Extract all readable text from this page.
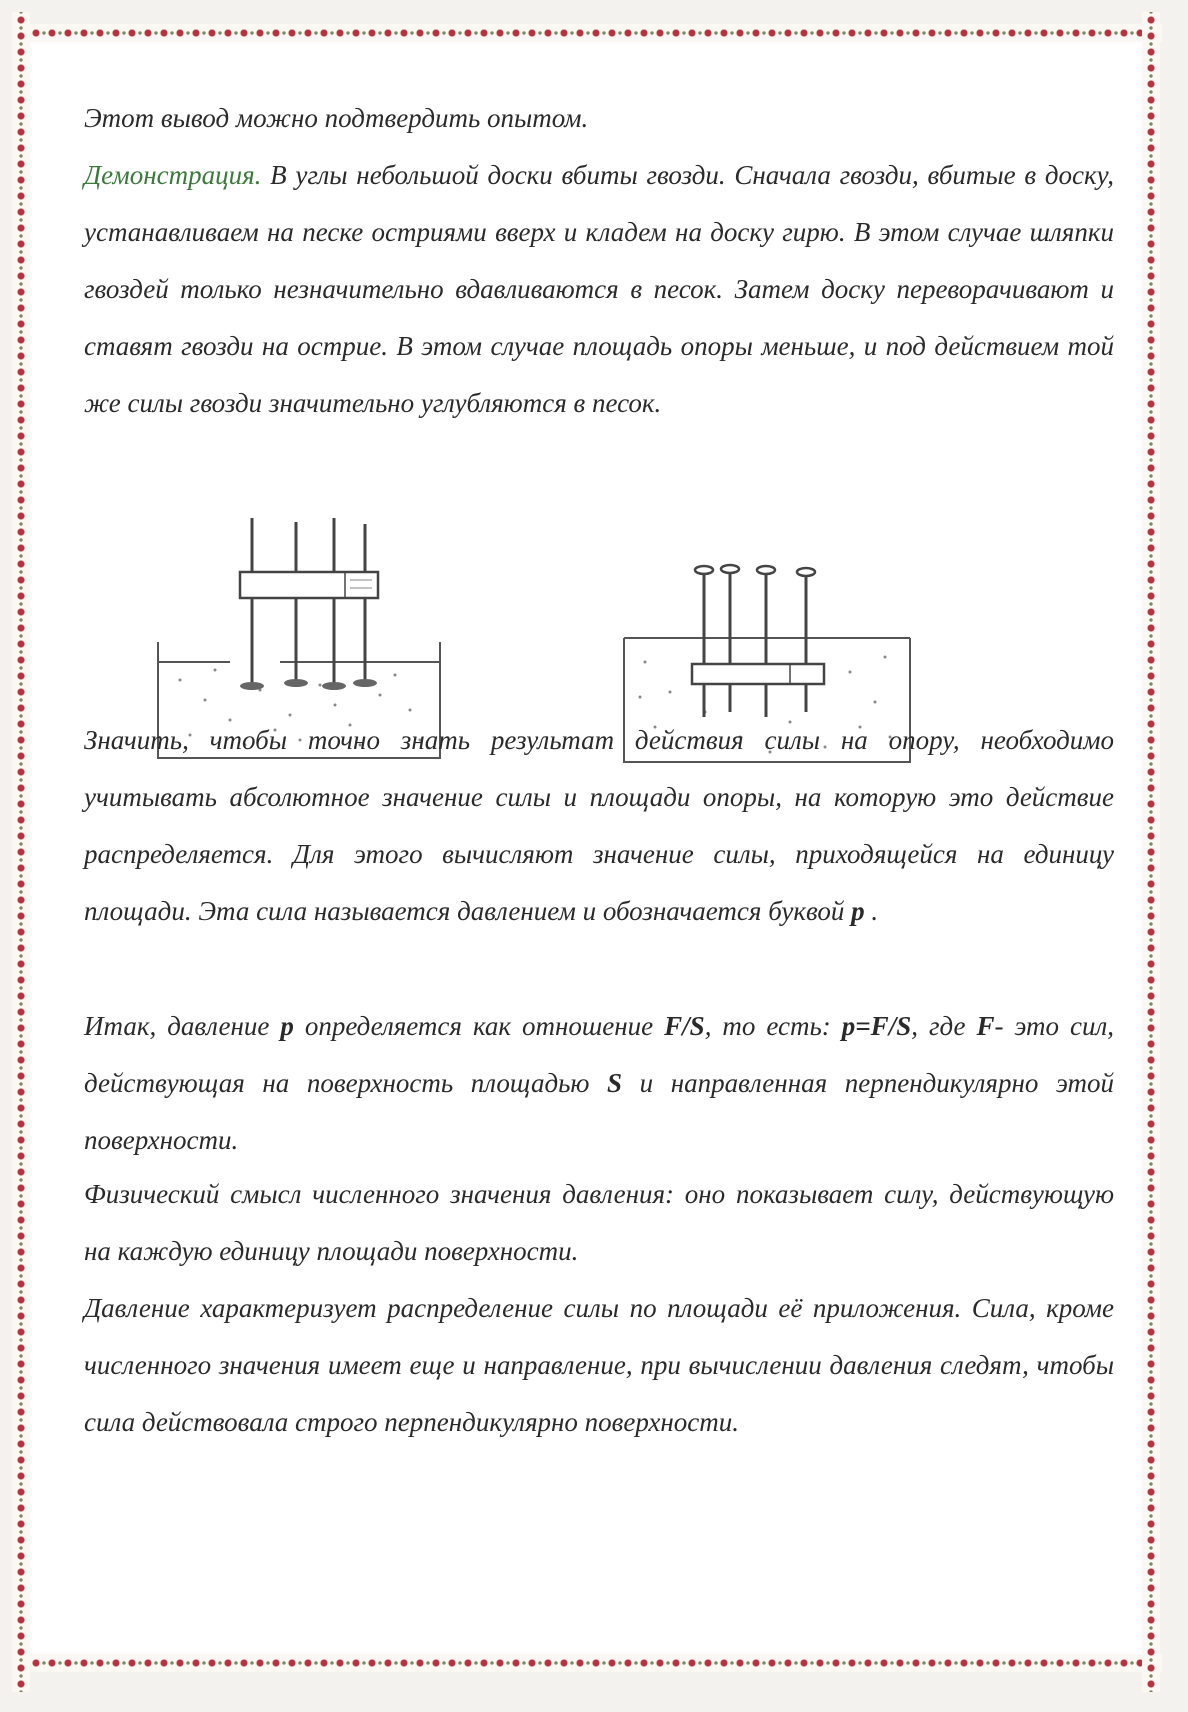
Этот вывод можно подтвердить опытом.

Демонстрация. В углы небольшой доски вбиты гвозди. Сначала гвозди, вбитые в доску, устанавливаем на песке остриями вверх и кладем на доску гирю. В этом случае шляпки гвоздей только незначительно вдавливаются в песок. Затем доску переворачивают и ставят гвозди на острие. В этом случае площадь опоры меньше, и под действием той же силы гвозди значительно углубляются в песок.

Значить, чтобы точно знать результат действия силы на опору, необходимо учитывать абсолютное значение силы и площади опоры, на которую это действие распределяется. Для этого вычисляют значение силы, приходящейся на единицу площади. Эта сила называется давлением и обозначается буквой p .

Итак, давление p определяется как отношение F/S, то есть: p=F/S, где F- это сил, действующая на поверхность площадью S и направленная перпендикулярно этой поверхности.

Физический смысл численного значения давления: оно показывает силу, действующую на каждую единицу площади поверхности.

Давление характеризует распределение силы по площади её приложения. Сила, кроме численного значения имеет еще и направление, при вычислении давления следят, чтобы сила действовала строго перпендикулярно поверхности.
